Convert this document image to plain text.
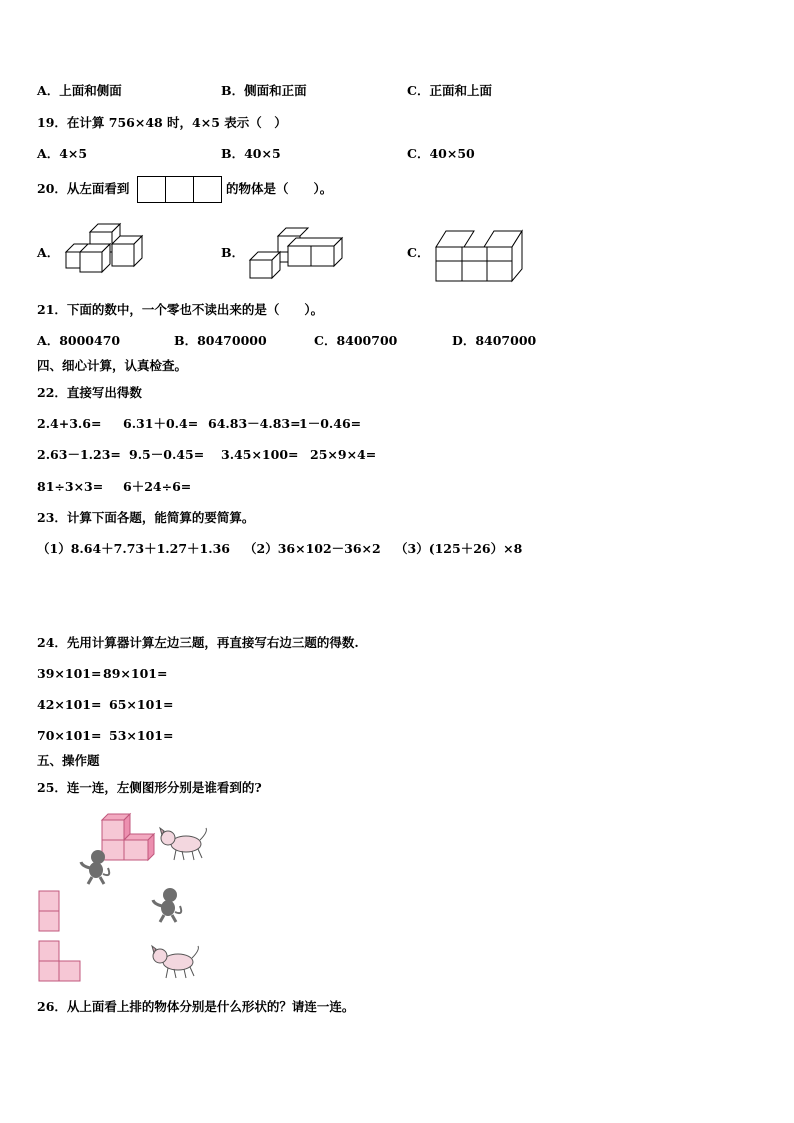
A．上面和侧面	B．侧面和正面	C．正面和上面
19．在计算 756×48 时，4×5 表示（　）
A．4×5	B．40×5	C．40×50
20．从左面看到	的物体是（　　）。
A．	B．	C．
21．下面的数中，一个零也不读出来的是（　　）。
A．8000470	B．80470000	C．8400700	D．8407000
四、细心计算，认真检查。
22．直接写出得数
2.4+3.6= 6.31＋0.4= 64.83－4.83=
1－0.46=
2.63－1.23= 9.5－0.45= 3.45×100= 25×9×4=
81÷3×3= 6＋24÷6=
23．计算下面各题，能简算的要简算。
（1）8.64＋7.73＋1.27＋1.36 （2）36×102－36×2 （3）(125＋26）×8
24．先用计算器计算左边三题，再直接写右边三题的得数.
39×101= 89×101=
42×101= 65×101=
70×101= 53×101=
五、操作题
25．连一连，左侧图形分别是谁看到的?
26．从上面看上排的物体分别是什么形状的？请连一连。
